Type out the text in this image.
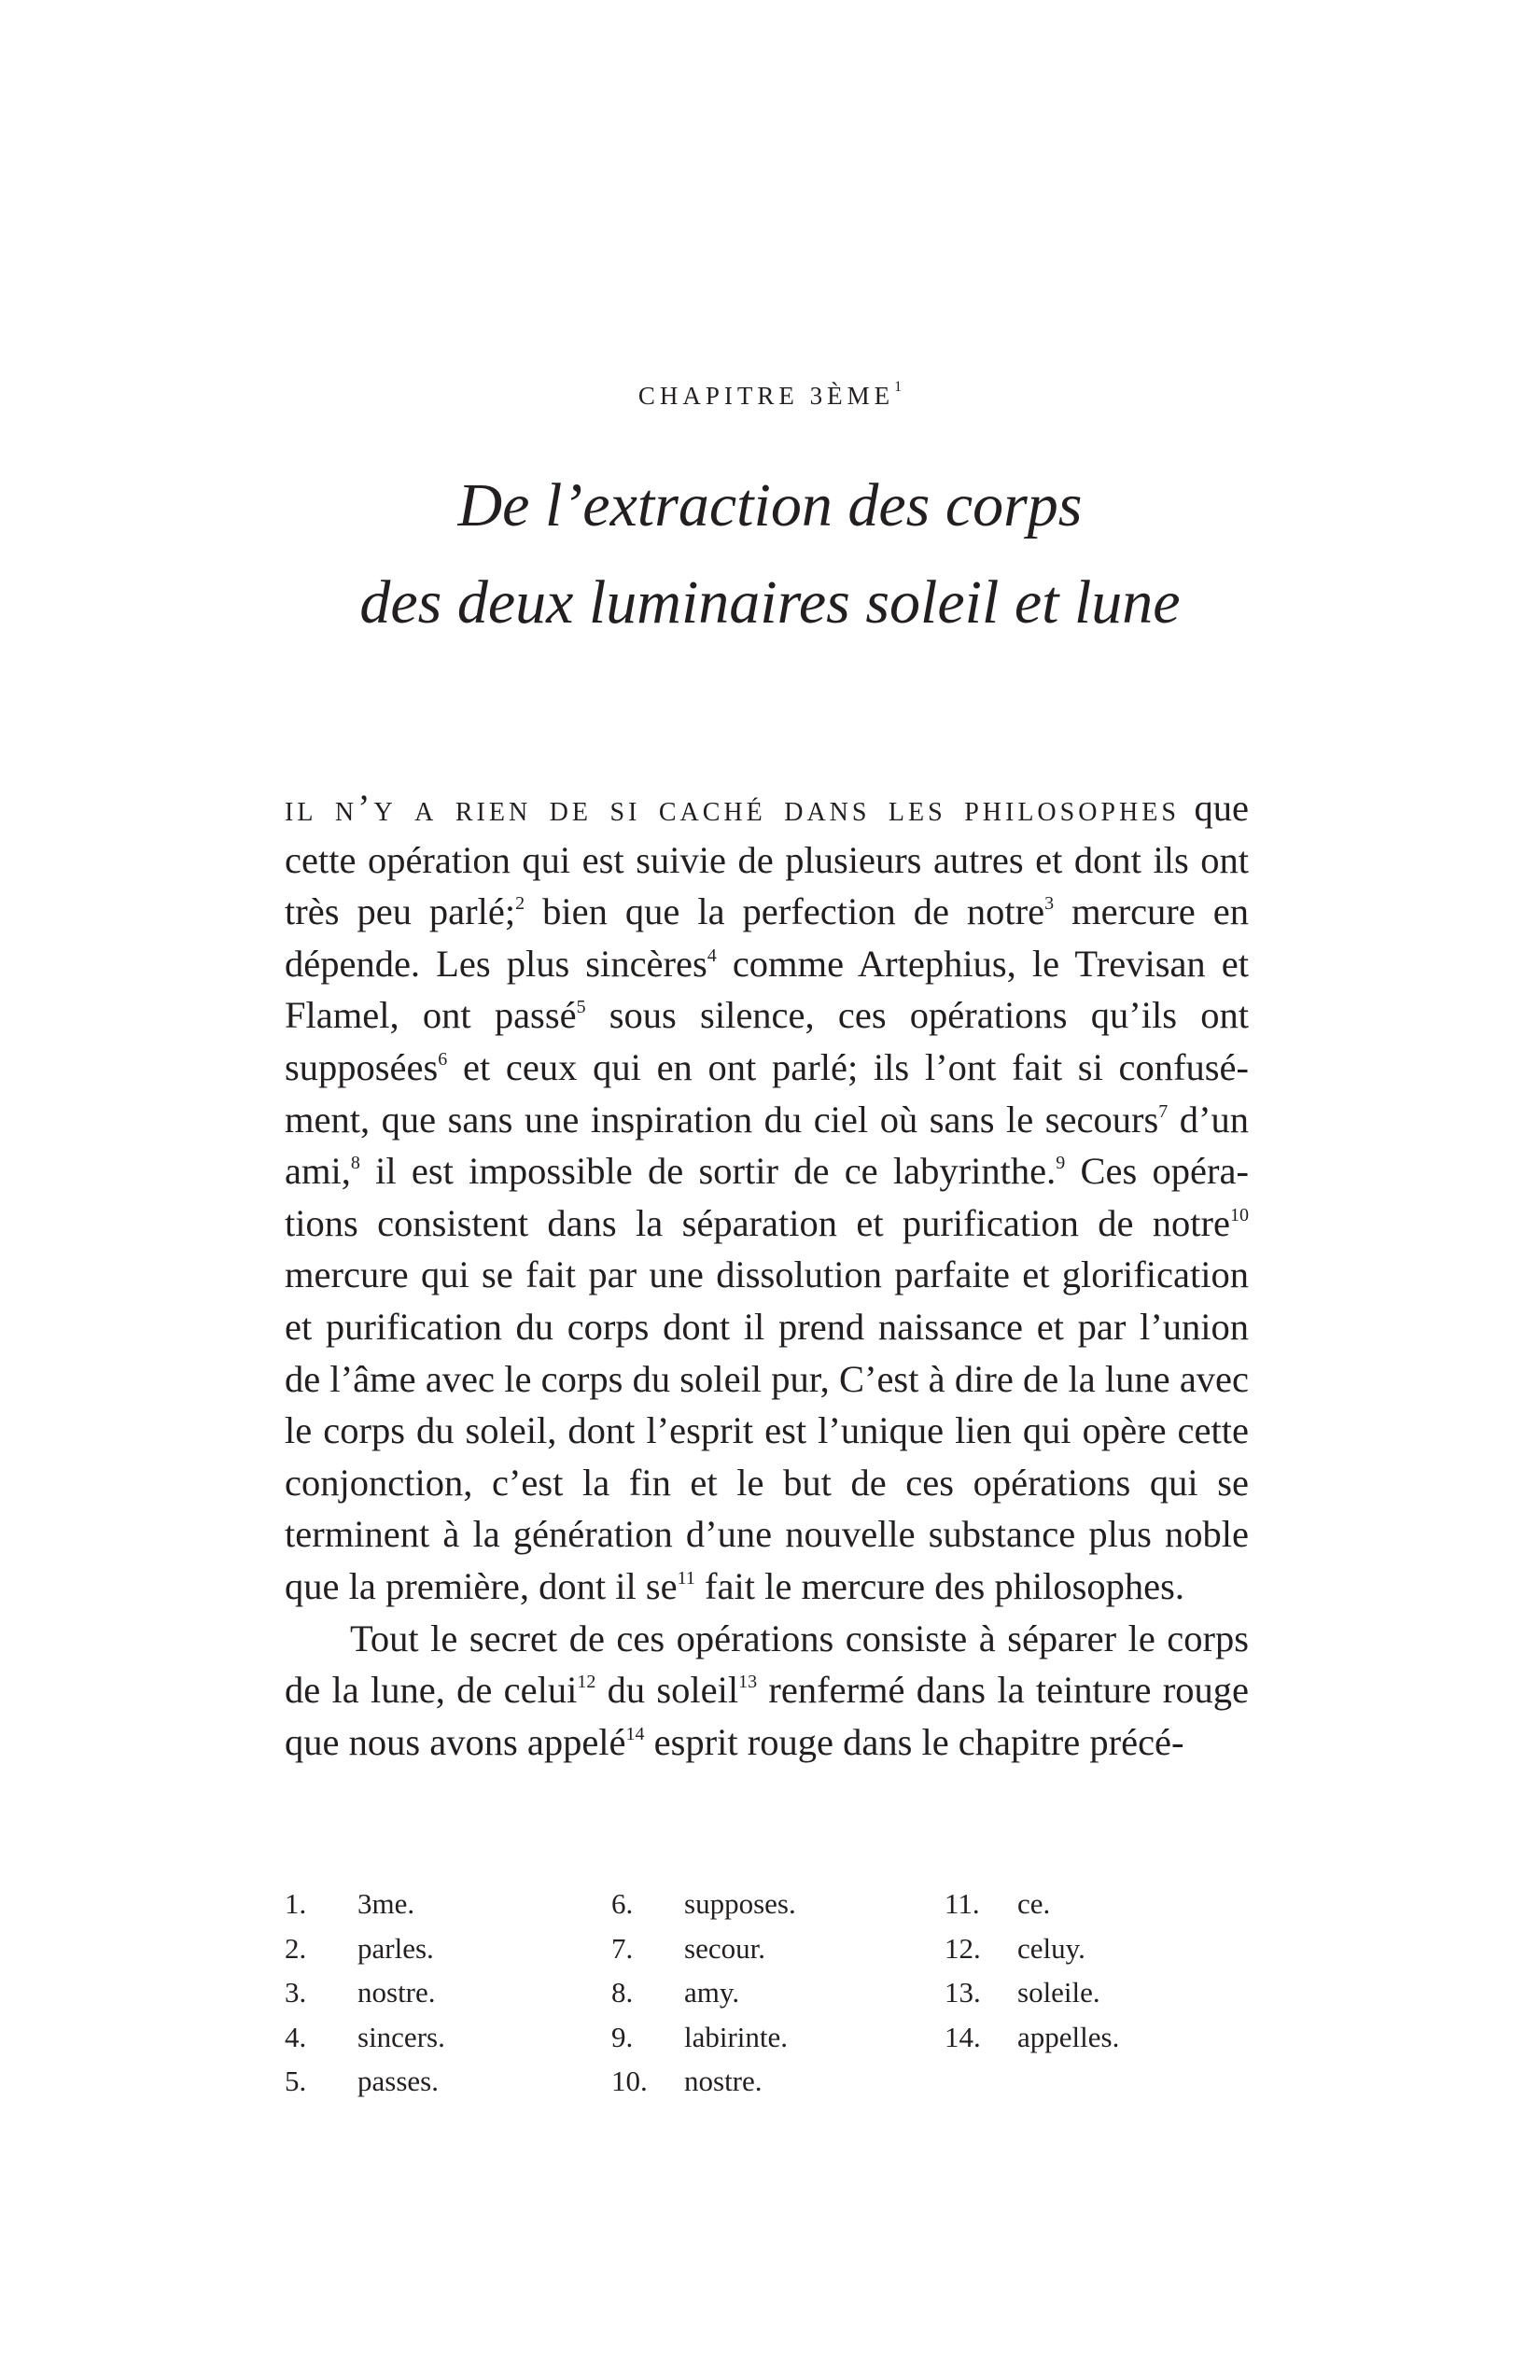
CHAPITRE 3ÈME$^1$
De l’extraction des corps
des deux luminaires soleil et lune

il n’y a rien de si caché dans les philosophes que cette opération qui est suivie de plusieurs autres et dont ils ont très peu parlé;$^2$ bien que la perfection de notre$^3$ mercure en dépende. Les plus sincères$^4$ comme Artephius, le Trevisan et Flamel, ont passé$^5$ sous silence, ces opérations qu’ils ont supposées$^6$ et ceux qui en ont parlé; ils l’ont fait si confusément, que sans une inspiration du ciel où sans le secours$^7$ d’un ami,$^8$ il est impossible de sortir de ce labyrinthe.$^9$ Ces opérations consistent dans la séparation et purification de notre$^{10}$ mercure qui se fait par une dissolution parfaite et glorification et purification du corps dont il prend naissance et par l’union de l’âme avec le corps du soleil pur, C’est à dire de la lune avec le corps du soleil, dont l’esprit est l’unique lien qui opère cette conjonction, c’est la fin et le but de ces opérations qui se terminent à la génération d’une nouvelle substance plus noble que la première, dont il $se^{11}$ fait le mercure des philosophes.

Tout le secret de ces opérations consiste à séparer le corps de la lune, de celui$^{12}$ du soleil$^{13}$ renfermé dans la teinture rouge que nous avons appelé$^{14}$ esprit rouge dans le chapitre précé-

1.	3me.
2.	parles.
3.	nostre.
4.	sincers.
5.	passes.
6.	supposes.
7.	secour.
8.	amy.
9.	labirinte.
10.	nostre.
11.	ce.
12.	celuy.
13.	soleile.
14.	appelles.
